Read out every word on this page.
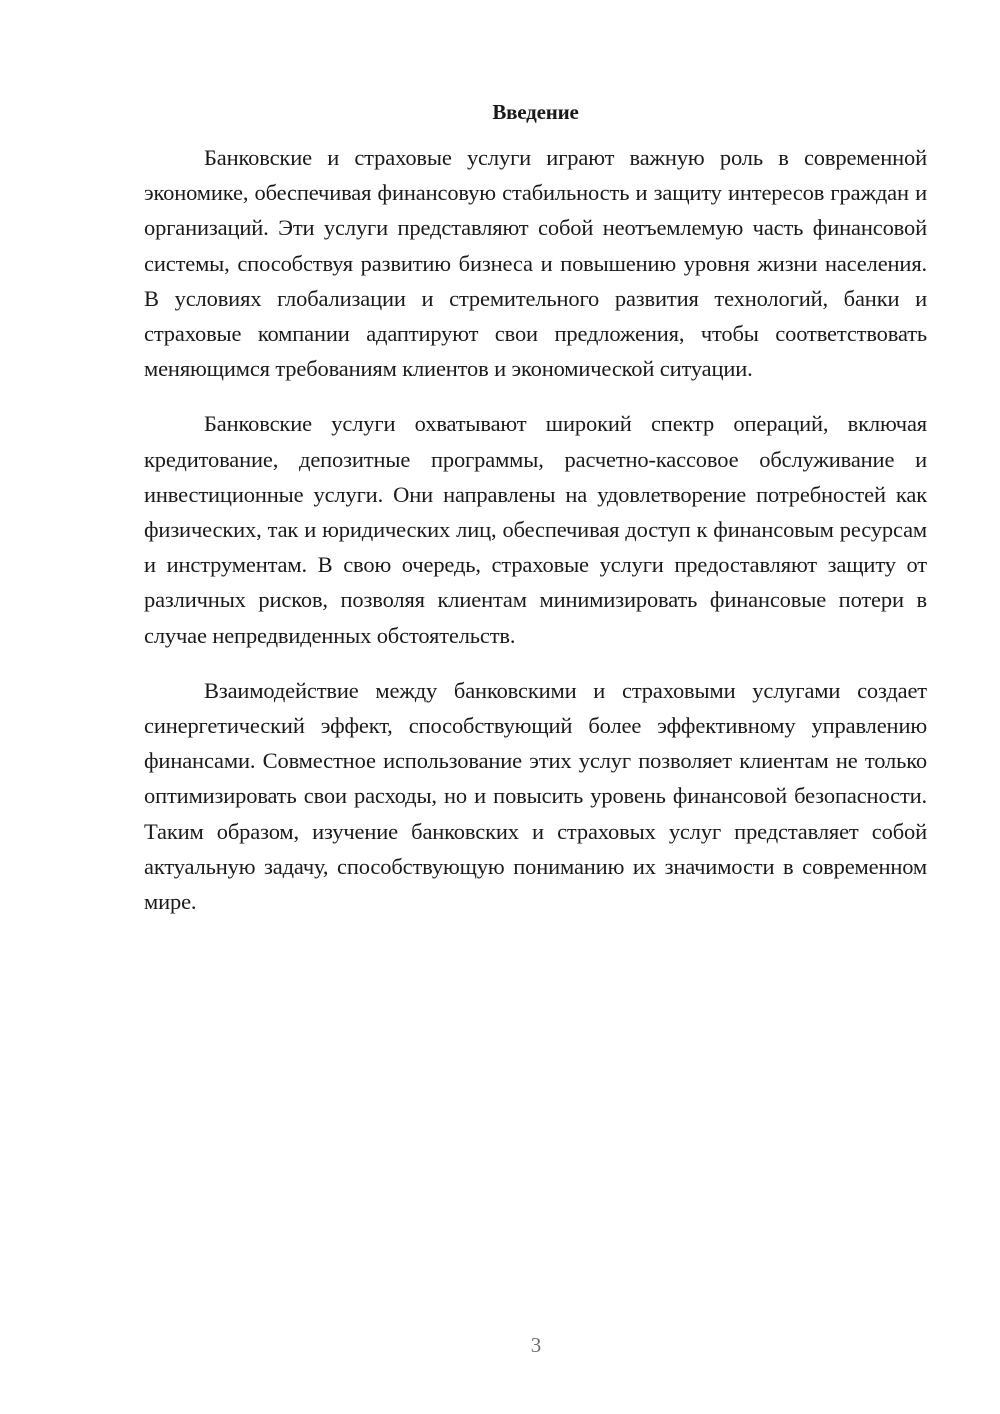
Введение

Банковские и страховые услуги играют важную роль в современной экономике, обеспечивая финансовую стабильность и защиту интересов граждан и организаций. Эти услуги представляют собой неотъемлемую часть финансовой системы, способствуя развитию бизнеса и повышению уровня жизни населения. В условиях глобализации и стремительного развития технологий, банки и страховые компании адаптируют свои предложения, чтобы соответствовать меняющимся требованиям клиентов и экономической ситуации.

Банковские услуги охватывают широкий спектр операций, включая кредитование, депозитные программы, расчетно-кассовое обслуживание и инвестиционные услуги. Они направлены на удовлетворение потребностей как физических, так и юридических лиц, обеспечивая доступ к финансовым ресурсам и инструментам. В свою очередь, страховые услуги предоставляют защиту от различных рисков, позволяя клиентам минимизировать финансовые потери в случае непредвиденных обстоятельств.

Взаимодействие между банковскими и страховыми услугами создает синергетический эффект, способствующий более эффективному управлению финансами. Совместное использование этих услуг позволяет клиентам не только оптимизировать свои расходы, но и повысить уровень финансовой безопасности. Таким образом, изучение банковских и страховых услуг представляет собой актуальную задачу, способствующую пониманию их значимости в современном мире.

3
